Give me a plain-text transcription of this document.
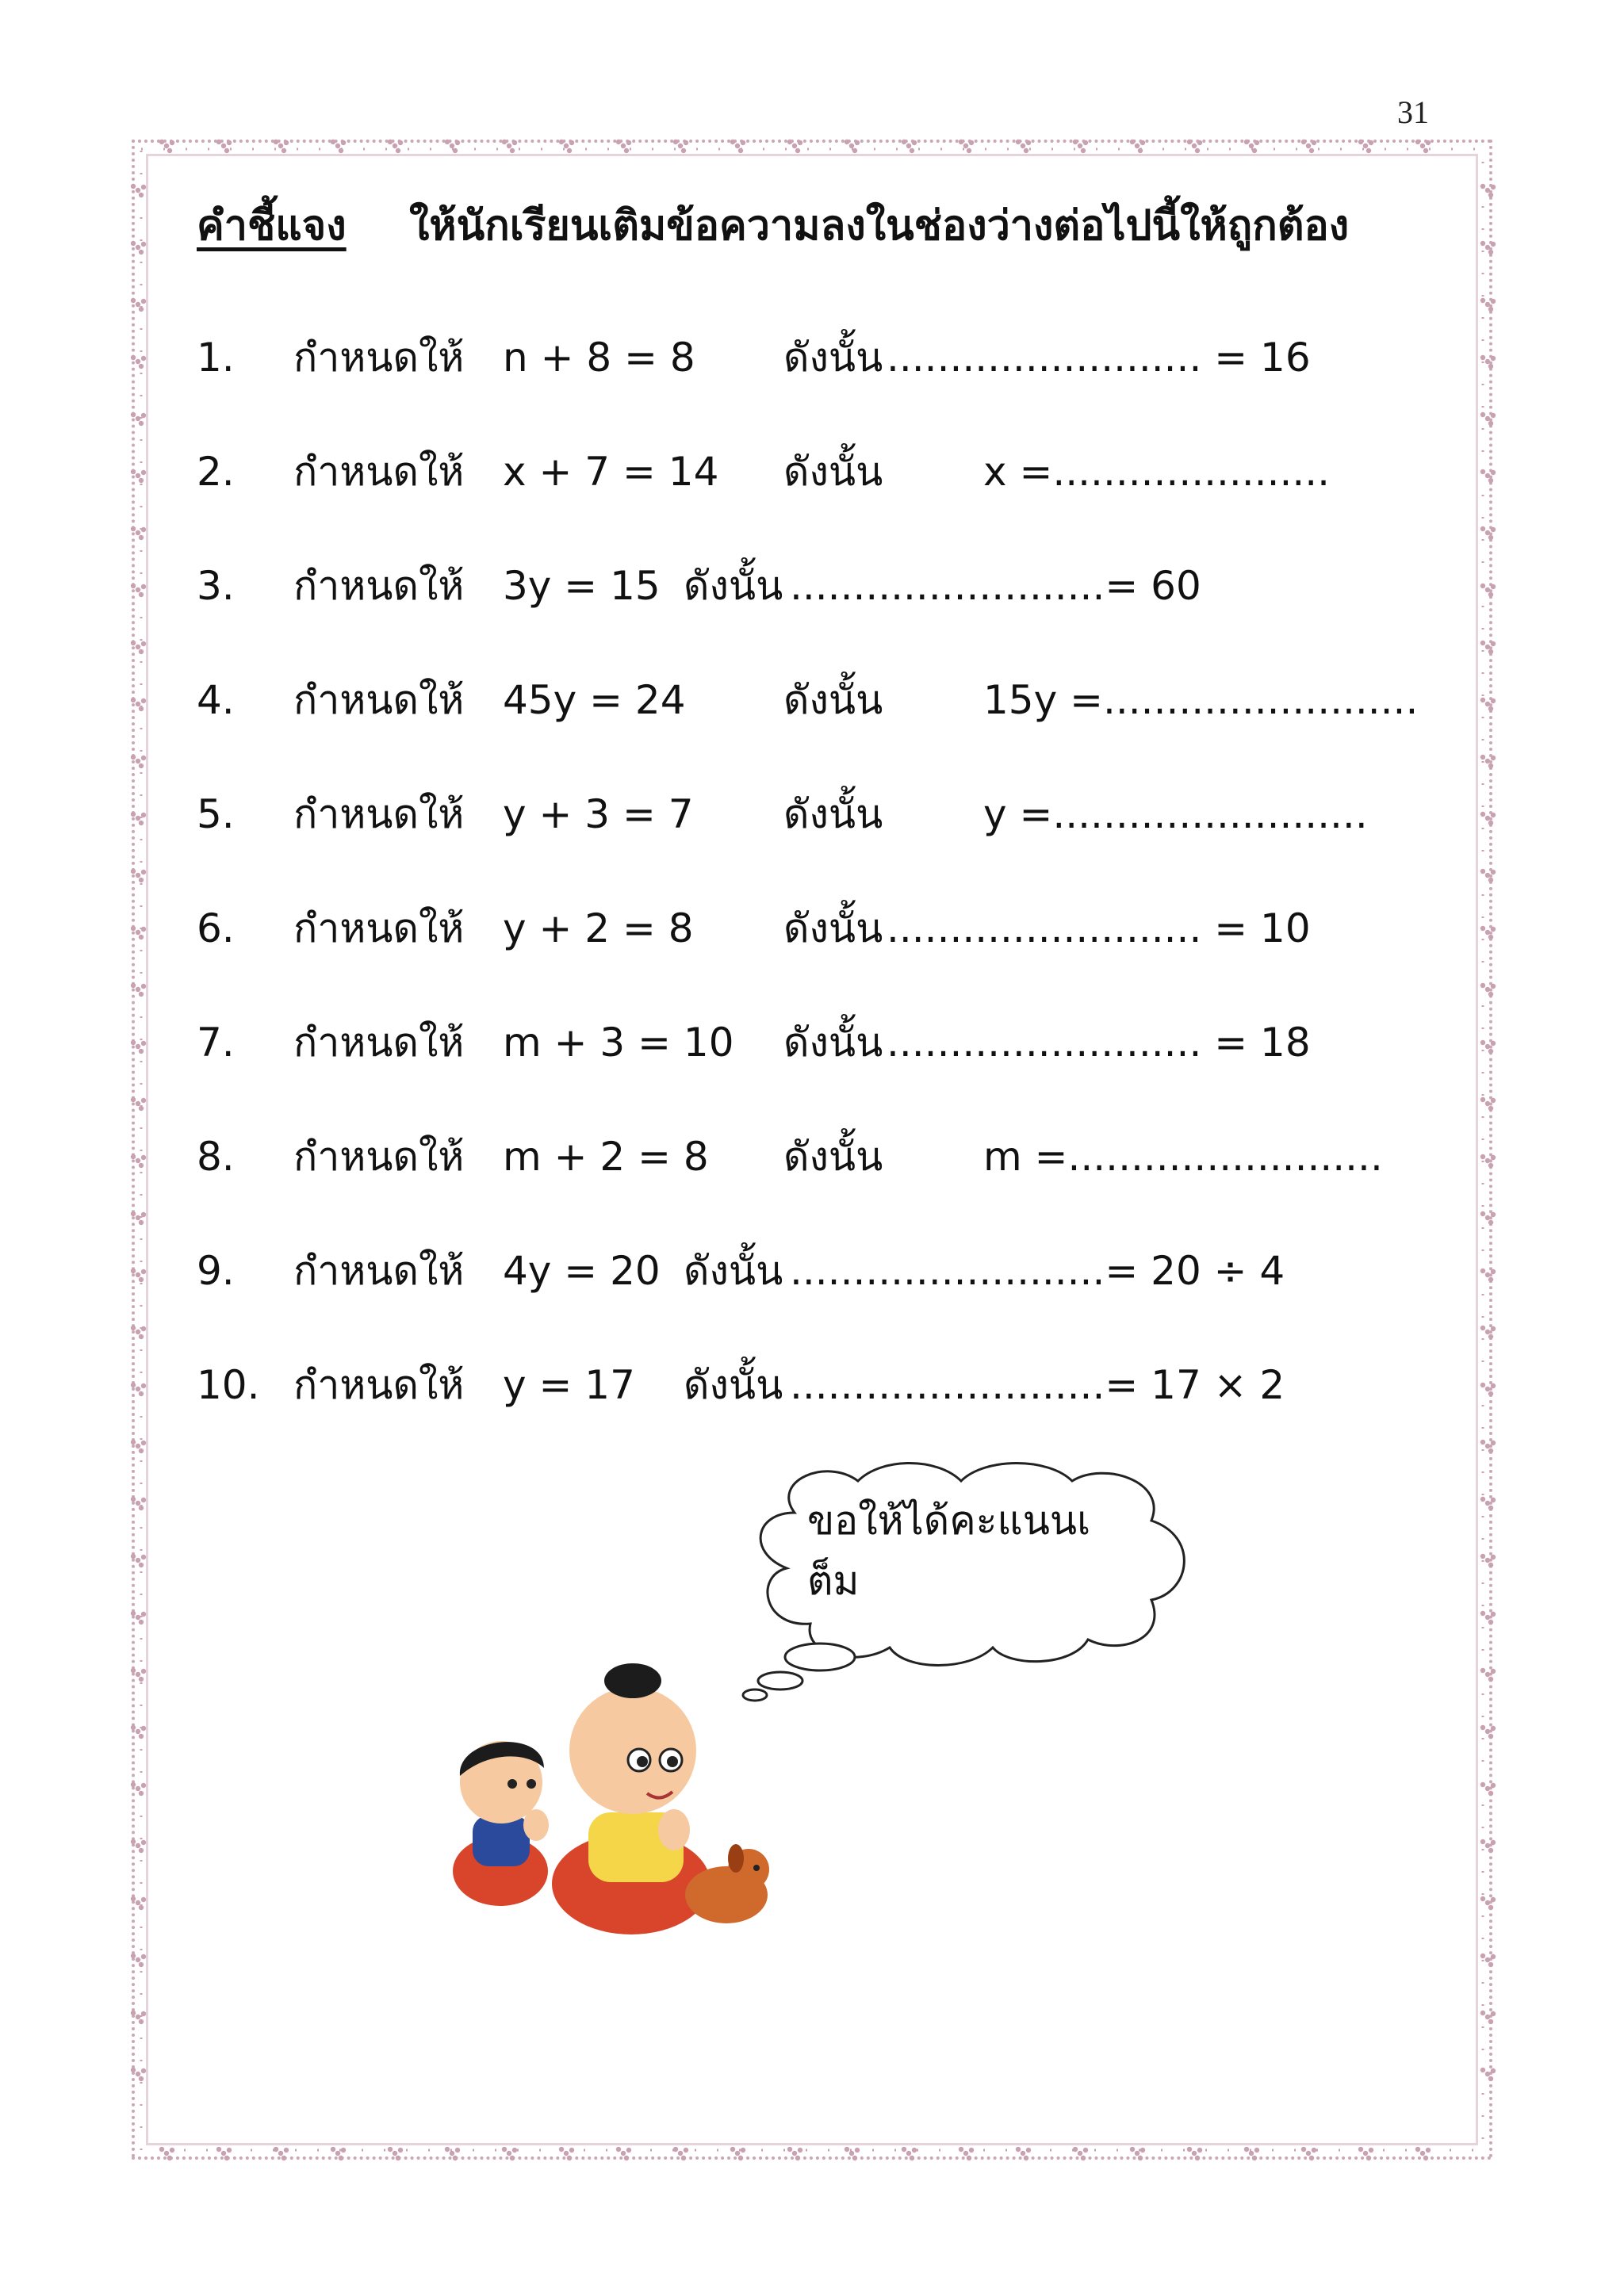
31
คำชี้แจง ให้นักเรียนเติมข้อความลงในช่องว่างต่อไปนี้ให้ถูกต้อง
1. กำหนดให้ n + 8 = 8 ดังนั้น ......................... = 16
2. กำหนดให้ x + 7 = 14 ดังนั้น	x =......................
3. กำหนดให้ 3y = 15 ดังนั้น .........................= 60
4. กำหนดให้ 45y = 24 ดังนั้น	15y =.........................
5. กำหนดให้ y + 3 = 7 ดังนั้น	y =.........................
6. กำหนดให้ y + 2 = 8 ดังนั้น ......................... = 10
7. กำหนดให้ m + 3 = 10 ดังนั้น ......................... = 18
8. กำหนดให้ m + 2 = 8 ดังนั้น	m =.........................
9. กำหนดให้ 4y = 20 ดังนั้น .........................= 20 ÷ 4
10. กำหนดให้ y = 17 ดังนั้น .........................= 17 × 2
ขอให้ได้คะแนนเต็ม
